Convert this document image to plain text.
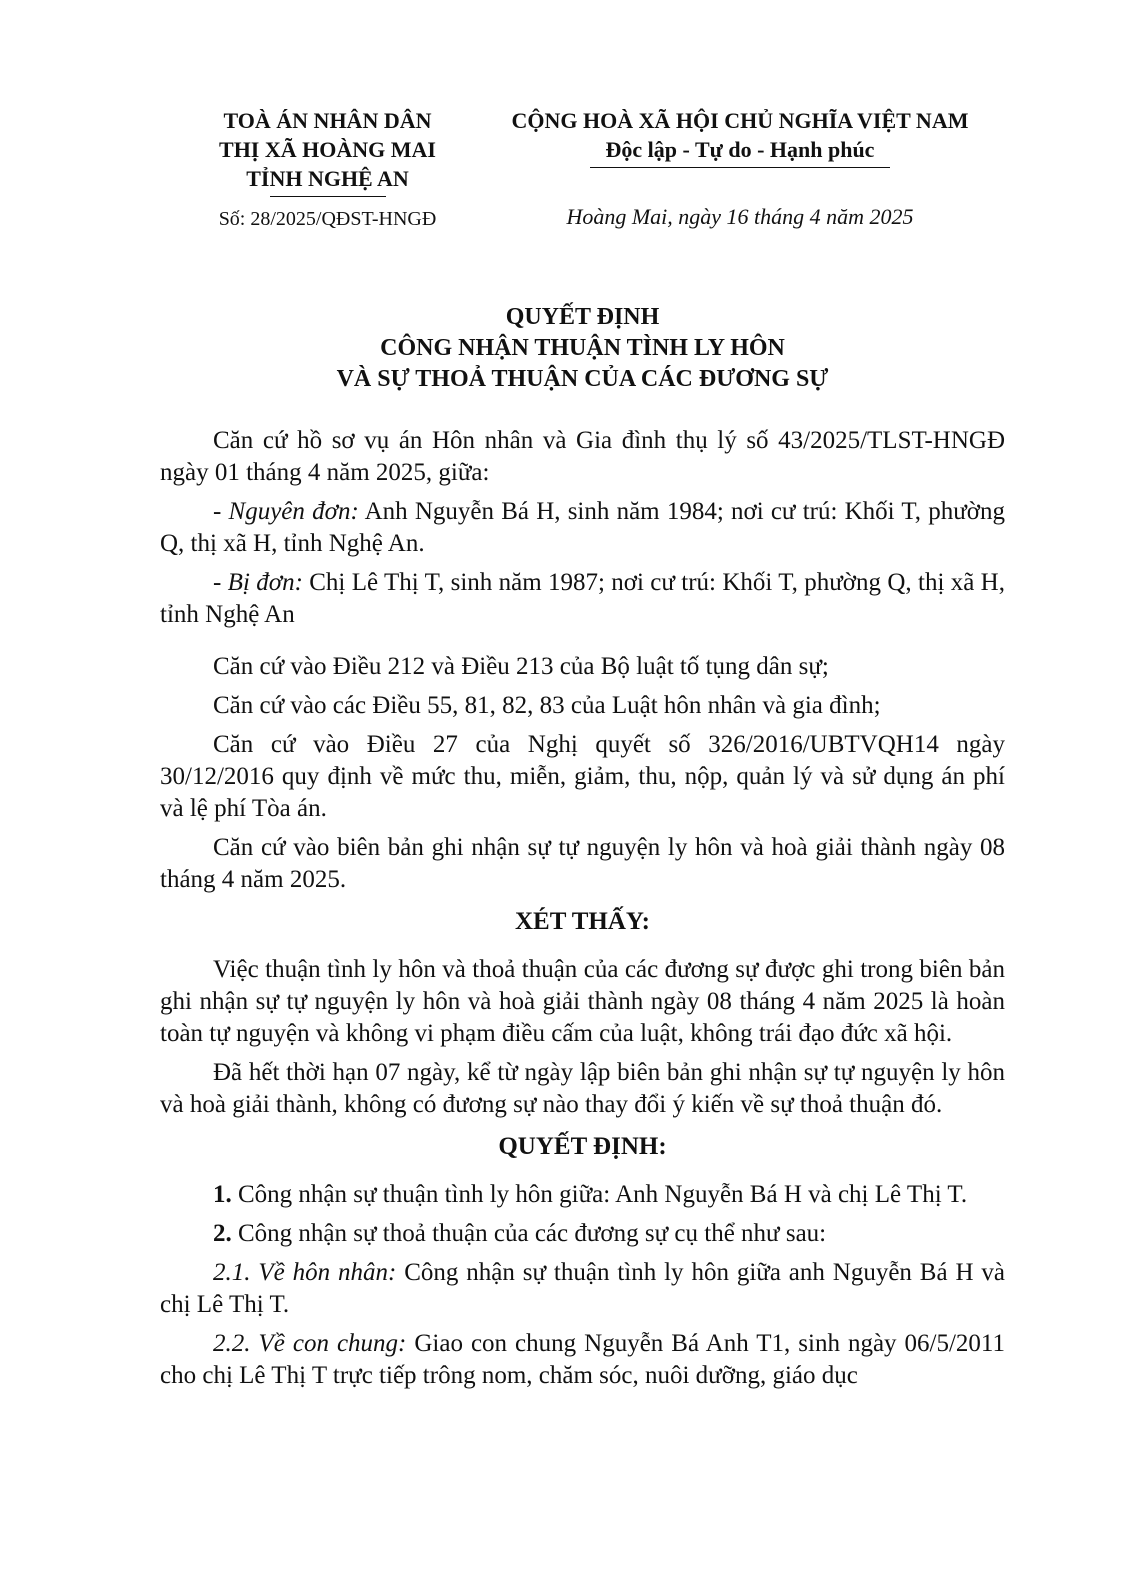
TOÀ ÁN NHÂN DÂN
THỊ XÃ HOÀNG MAI
TỈNH NGHỆ AN
CỘNG HOÀ XÃ HỘI CHỦ NGHĨA VIỆT NAM
Độc lập - Tự do - Hạnh phúc
Số: 28/2025/QĐST-HNGĐ	Hoàng Mai, ngày 16 tháng 4 năm 2025
QUYẾT ĐỊNH
CÔNG NHẬN THUẬN TÌNH LY HÔN
VÀ SỰ THOẢ THUẬN CỦA CÁC ĐƯƠNG SỰ

Căn cứ hồ sơ vụ án Hôn nhân và Gia đình thụ lý số 43/2025/TLST-HNGĐ ngày 01 tháng 4 năm 2025, giữa:

- Nguyên đơn: Anh Nguyễn Bá H, sinh năm 1984; nơi cư trú: Khối T, phường Q, thị xã H, tỉnh Nghệ An.

- Bị đơn: Chị Lê Thị T, sinh năm 1987; nơi cư trú: Khối T, phường Q, thị xã H, tỉnh Nghệ An

Căn cứ vào Điều 212 và Điều 213 của Bộ luật tố tụng dân sự;

Căn cứ vào các Điều 55, 81, 82, 83 của Luật hôn nhân và gia đình;

Căn cứ vào Điều 27 của Nghị quyết số 326/2016/UBTVQH14 ngày 30/12/2016 quy định về mức thu, miễn, giảm, thu, nộp, quản lý và sử dụng án phí và lệ phí Tòa án.

Căn cứ vào biên bản ghi nhận sự tự nguyện ly hôn và hoà giải thành ngày 08 tháng 4 năm 2025.

XÉT THẤY:

Việc thuận tình ly hôn và thoả thuận của các đương sự được ghi trong biên bản ghi nhận sự tự nguyện ly hôn và hoà giải thành ngày 08 tháng 4 năm 2025 là hoàn toàn tự nguyện và không vi phạm điều cấm của luật, không trái đạo đức xã hội.

Đã hết thời hạn 07 ngày, kể từ ngày lập biên bản ghi nhận sự tự nguyện ly hôn và hoà giải thành, không có đương sự nào thay đổi ý kiến về sự thoả thuận đó.

QUYẾT ĐỊNH:

1. Công nhận sự thuận tình ly hôn giữa: Anh Nguyễn Bá H và chị Lê Thị T.

2. Công nhận sự thoả thuận của các đương sự cụ thể như sau:

2.1. Về hôn nhân: Công nhận sự thuận tình ly hôn giữa anh Nguyễn Bá H và chị Lê Thị T.

2.2. Về con chung: Giao con chung Nguyễn Bá Anh T1, sinh ngày 06/5/2011 cho chị Lê Thị T trực tiếp trông nom, chăm sóc, nuôi dưỡng, giáo dục
